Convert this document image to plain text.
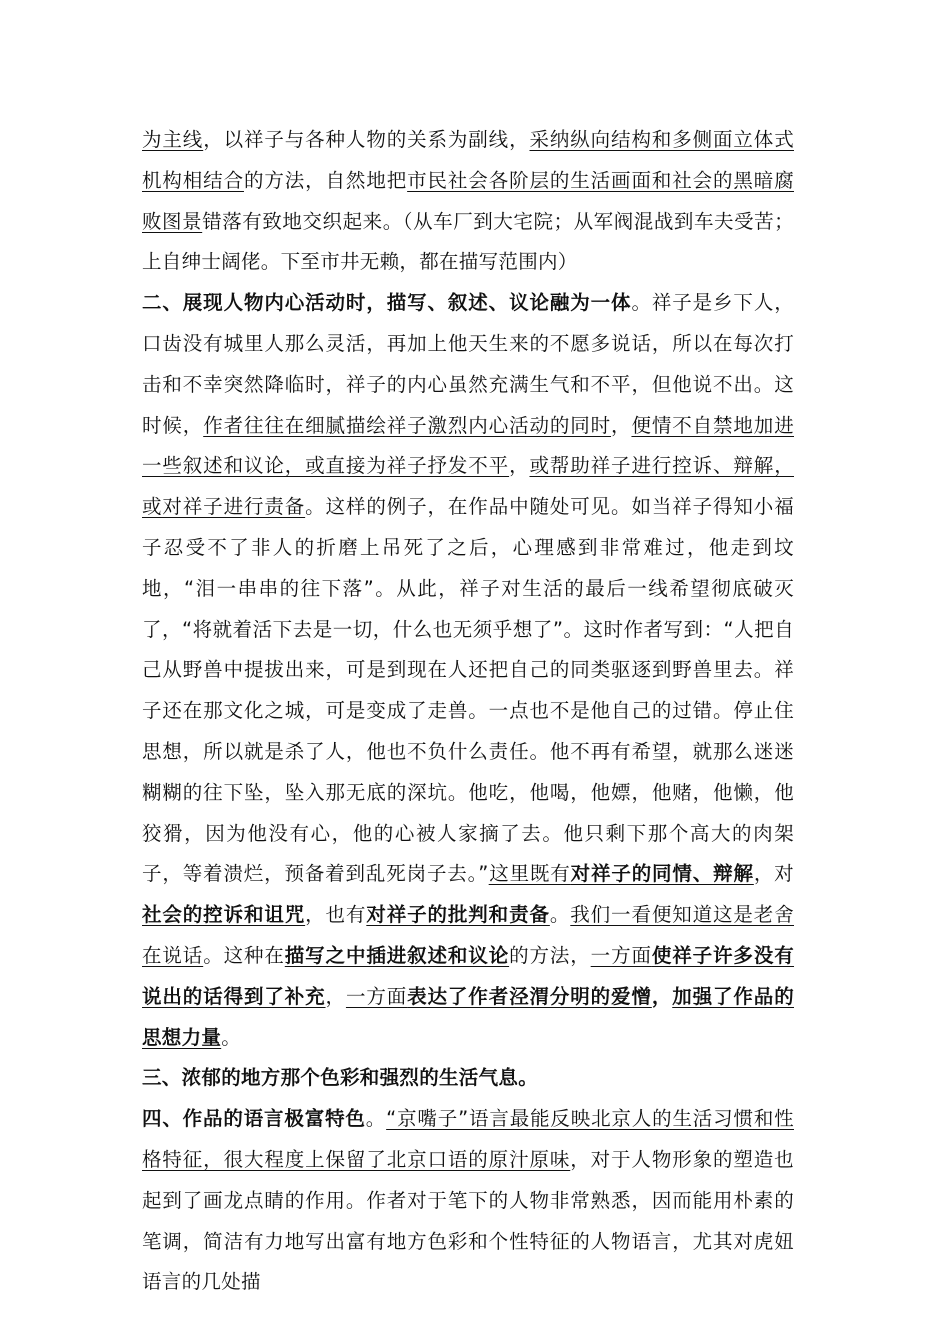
为主线，以祥子与各种人物的关系为副线，采纳纵向结构和多侧面立体式机构相结合的方法，自然地把市民社会各阶层的生活画面和社会的黑暗腐败图景错落有致地交织起来。（从车厂到大宅院；从军阀混战到车夫受苦；上自绅士阔佬。下至市井无赖，都在描写范围内）

二、展现人物内心活动时，描写、叙述、议论融为一体。祥子是乡下人，口齿没有城里人那么灵活，再加上他天生来的不愿多说话，所以在每次打击和不幸突然降临时，祥子的内心虽然充满生气和不平，但他说不出。这时候，作者往往在细腻描绘祥子激烈内心活动的同时，便情不自禁地加进一些叙述和议论，或直接为祥子抒发不平，或帮助祥子进行控诉、辩解，或对祥子进行责备。这样的例子，在作品中随处可见。如当祥子得知小福子忍受不了非人的折磨上吊死了之后，心理感到非常难过，他走到坟地，“泪一串串的往下落”。从此，祥子对生活的最后一线希望彻底破灭了，“将就着活下去是一切，什么也无须乎想了”。这时作者写到：“人把自己从野兽中提拔出来，可是到现在人还把自己的同类驱逐到野兽里去。祥子还在那文化之城，可是变成了走兽。一点也不是他自己的过错。停止住思想，所以就是杀了人，他也不负什么责任。他不再有希望，就那么迷迷糊糊的往下坠，坠入那无底的深坑。他吃，他喝，他嫖，他赌，他懒，他狡猾，因为他没有心，他的心被人家摘了去。他只剩下那个高大的肉架子，等着溃烂，预备着到乱死岗子去。”这里既有对祥子的同情、辩解，对社会的控诉和诅咒，也有对祥子的批判和责备。我们一看便知道这是老舍在说话。这种在描写之中插进叙述和议论的方法，一方面使祥子许多没有说出的话得到了补充，一方面表达了作者泾渭分明的爱憎，加强了作品的思想力量。

三、浓郁的地方那个色彩和强烈的生活气息。

四、作品的语言极富特色。“京嘴子”语言最能反映北京人的生活习惯和性格特征，很大程度上保留了北京口语的原汁原味，对于人物形象的塑造也起到了画龙点睛的作用。作者对于笔下的人物非常熟悉，因而能用朴素的笔调，简洁有力地写出富有地方色彩和个性特征的人物语言，尤其对虎妞语言的几处描
